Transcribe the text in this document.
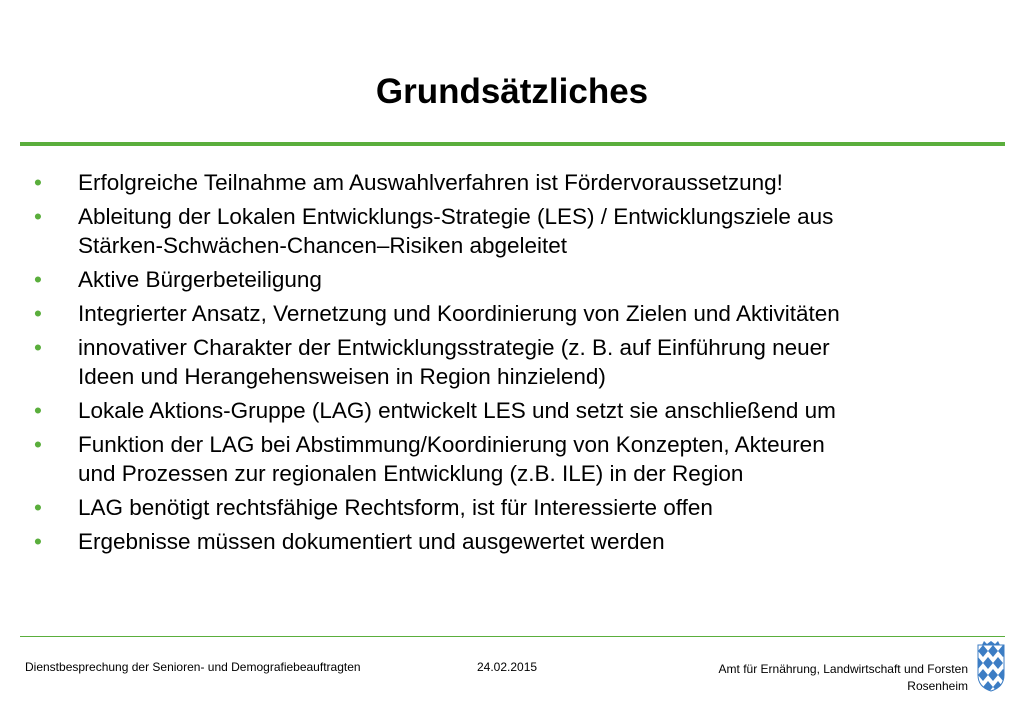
Grundsätzliches
•	Erfolgreiche Teilnahme am Auswahlverfahren ist Fördervoraussetzung!
•	Ableitung der Lokalen Entwicklungs-Strategie (LES) / Entwicklungsziele aus
Stärken-Schwächen-Chancen–Risiken abgeleitet
•	Aktive Bürgerbeteiligung
•	Integrierter Ansatz, Vernetzung und Koordinierung von Zielen und Aktivitäten
•	innovativer Charakter der Entwicklungsstrategie (z. B. auf Einführung neuer
Ideen und Herangehensweisen in Region hinzielend)
•	Lokale Aktions-Gruppe (LAG) entwickelt LES und setzt sie anschließend um
•	Funktion der LAG bei Abstimmung/Koordinierung von Konzepten, Akteuren
und Prozessen zur regionalen Entwicklung (z.B. ILE) in der Region
•	LAG benötigt rechtsfähige Rechtsform, ist für Interessierte offen
•	Ergebnisse müssen dokumentiert und ausgewertet werden
Dienstbesprechung der Senioren- und Demografiebeauftragten	24.02.2015	Amt für Ernährung, Landwirtschaft und Forsten
Rosenheim
